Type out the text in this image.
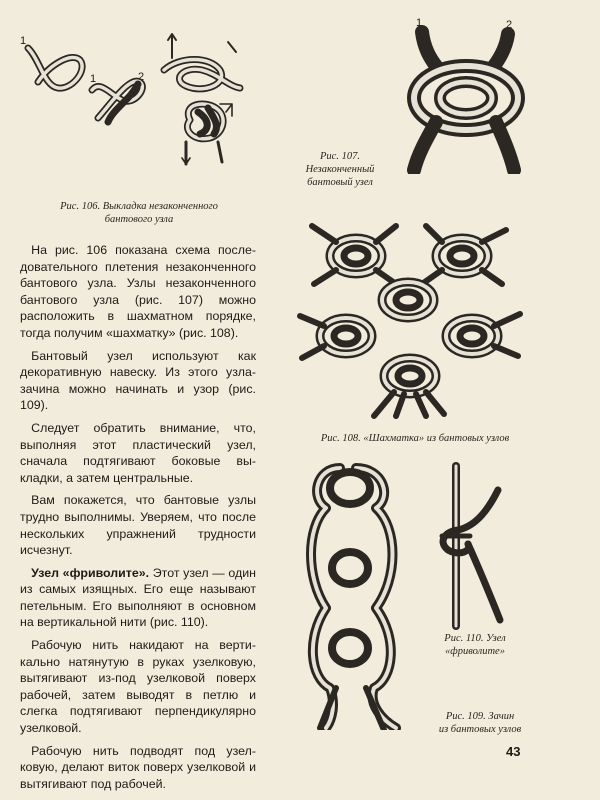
1
1	2
Рис. 106. Выкладка незаконченного
бантового узла
1	2
Рис. 107.
Незаконченный
бантовый узел
Рис. 108. «Шахматка» из бантовых узлов
Рис. 110. Узел
«фриволите»
Рис. 109. Зачин
из бантовых узлов

На рис. 106 показана схема последовательного плетения незаконченного бантового узла. Узлы незаконченного бантового узла (рис. 107) можно расположить в шахматном порядке, тогда получим «шахматку» (рис. 108).

Бантовый узел используют как декоративную навеску. Из этого узла-зачина можно начинать и узор (рис. 109).

Следует обратить внимание, что, выполняя этот пластический узел, сначала подтягивают боковые выкладки, а затем центральные.

Вам покажется, что бантовые узлы трудно выполнимы. Уверяем, что после нескольких упражнений трудности исчезнут.

Узел «фриволите». Этот узел — один из самых изящных. Его еще называют петельным. Его выполняют в основном на вертикальной нити (рис. 110).

Рабочую нить накидают на вертикально натянутую в руках узелковую, вытягивают из-под узелковой поверх рабочей, затем выводят в петлю и слегка подтягивают перпендикулярно узелковой.

Рабочую нить подводят под узелковую, делают виток поверх узелковой и вытягивают под рабочей.

43
